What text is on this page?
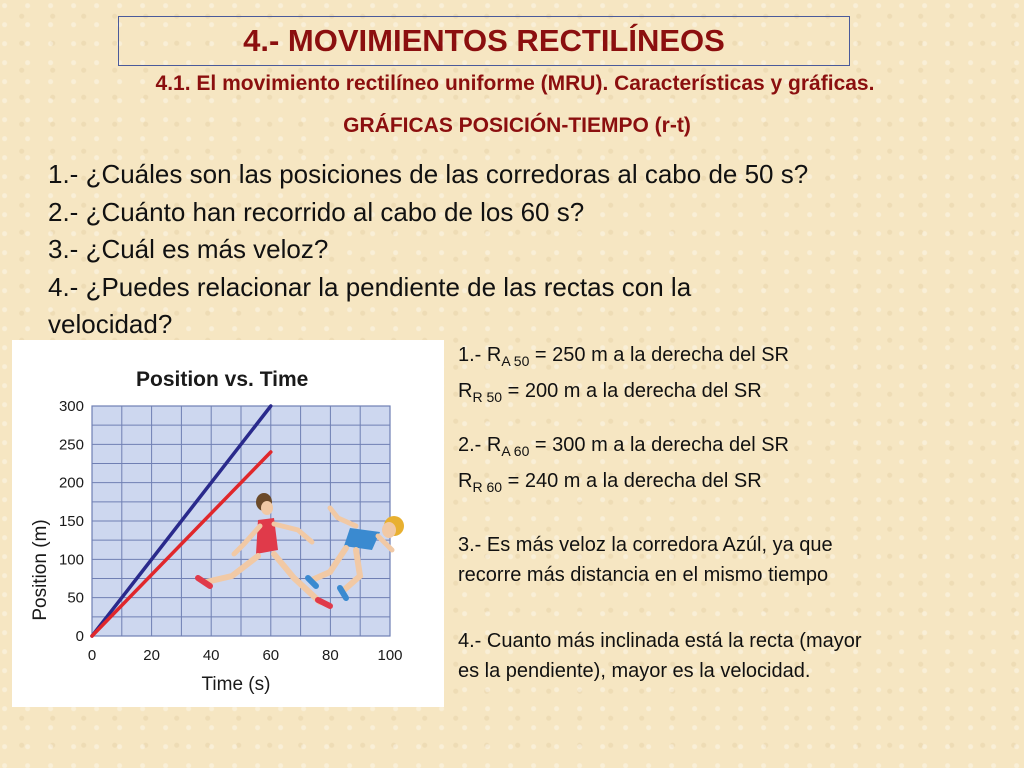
4.- MOVIMIENTOS RECTILÍNEOS
4.1. El movimiento rectilíneo uniforme (MRU). Características y gráficas.
GRÁFICAS POSICIÓN-TIEMPO (r-t)
1.- ¿Cuáles son las posiciones de las corredoras al cabo de 50 s?
2.- ¿Cuánto han recorrido al cabo de los 60 s?
3.- ¿Cuál es más veloz?
4.- ¿Puedes relacionar la pendiente de las rectas con la
velocidad?
Position vs. Time
0
50
100
150
200
250
300
0	20	40	60	80	100
Position (m)
Time (s)
1.- $R_{A 50} = 250$ m a la derecha del SR
$R_{R 50} = 200$ m a la derecha del SR
2.- $R_{A 60} = 300$ m a la derecha del SR
$R_{R 60} = 240$ m a la derecha del SR
3.- Es más veloz la corredora Azúl, ya que
recorre más distancia en el mismo tiempo
4.- Cuanto más inclinada está la recta (mayor
es la pendiente), mayor es la velocidad.
